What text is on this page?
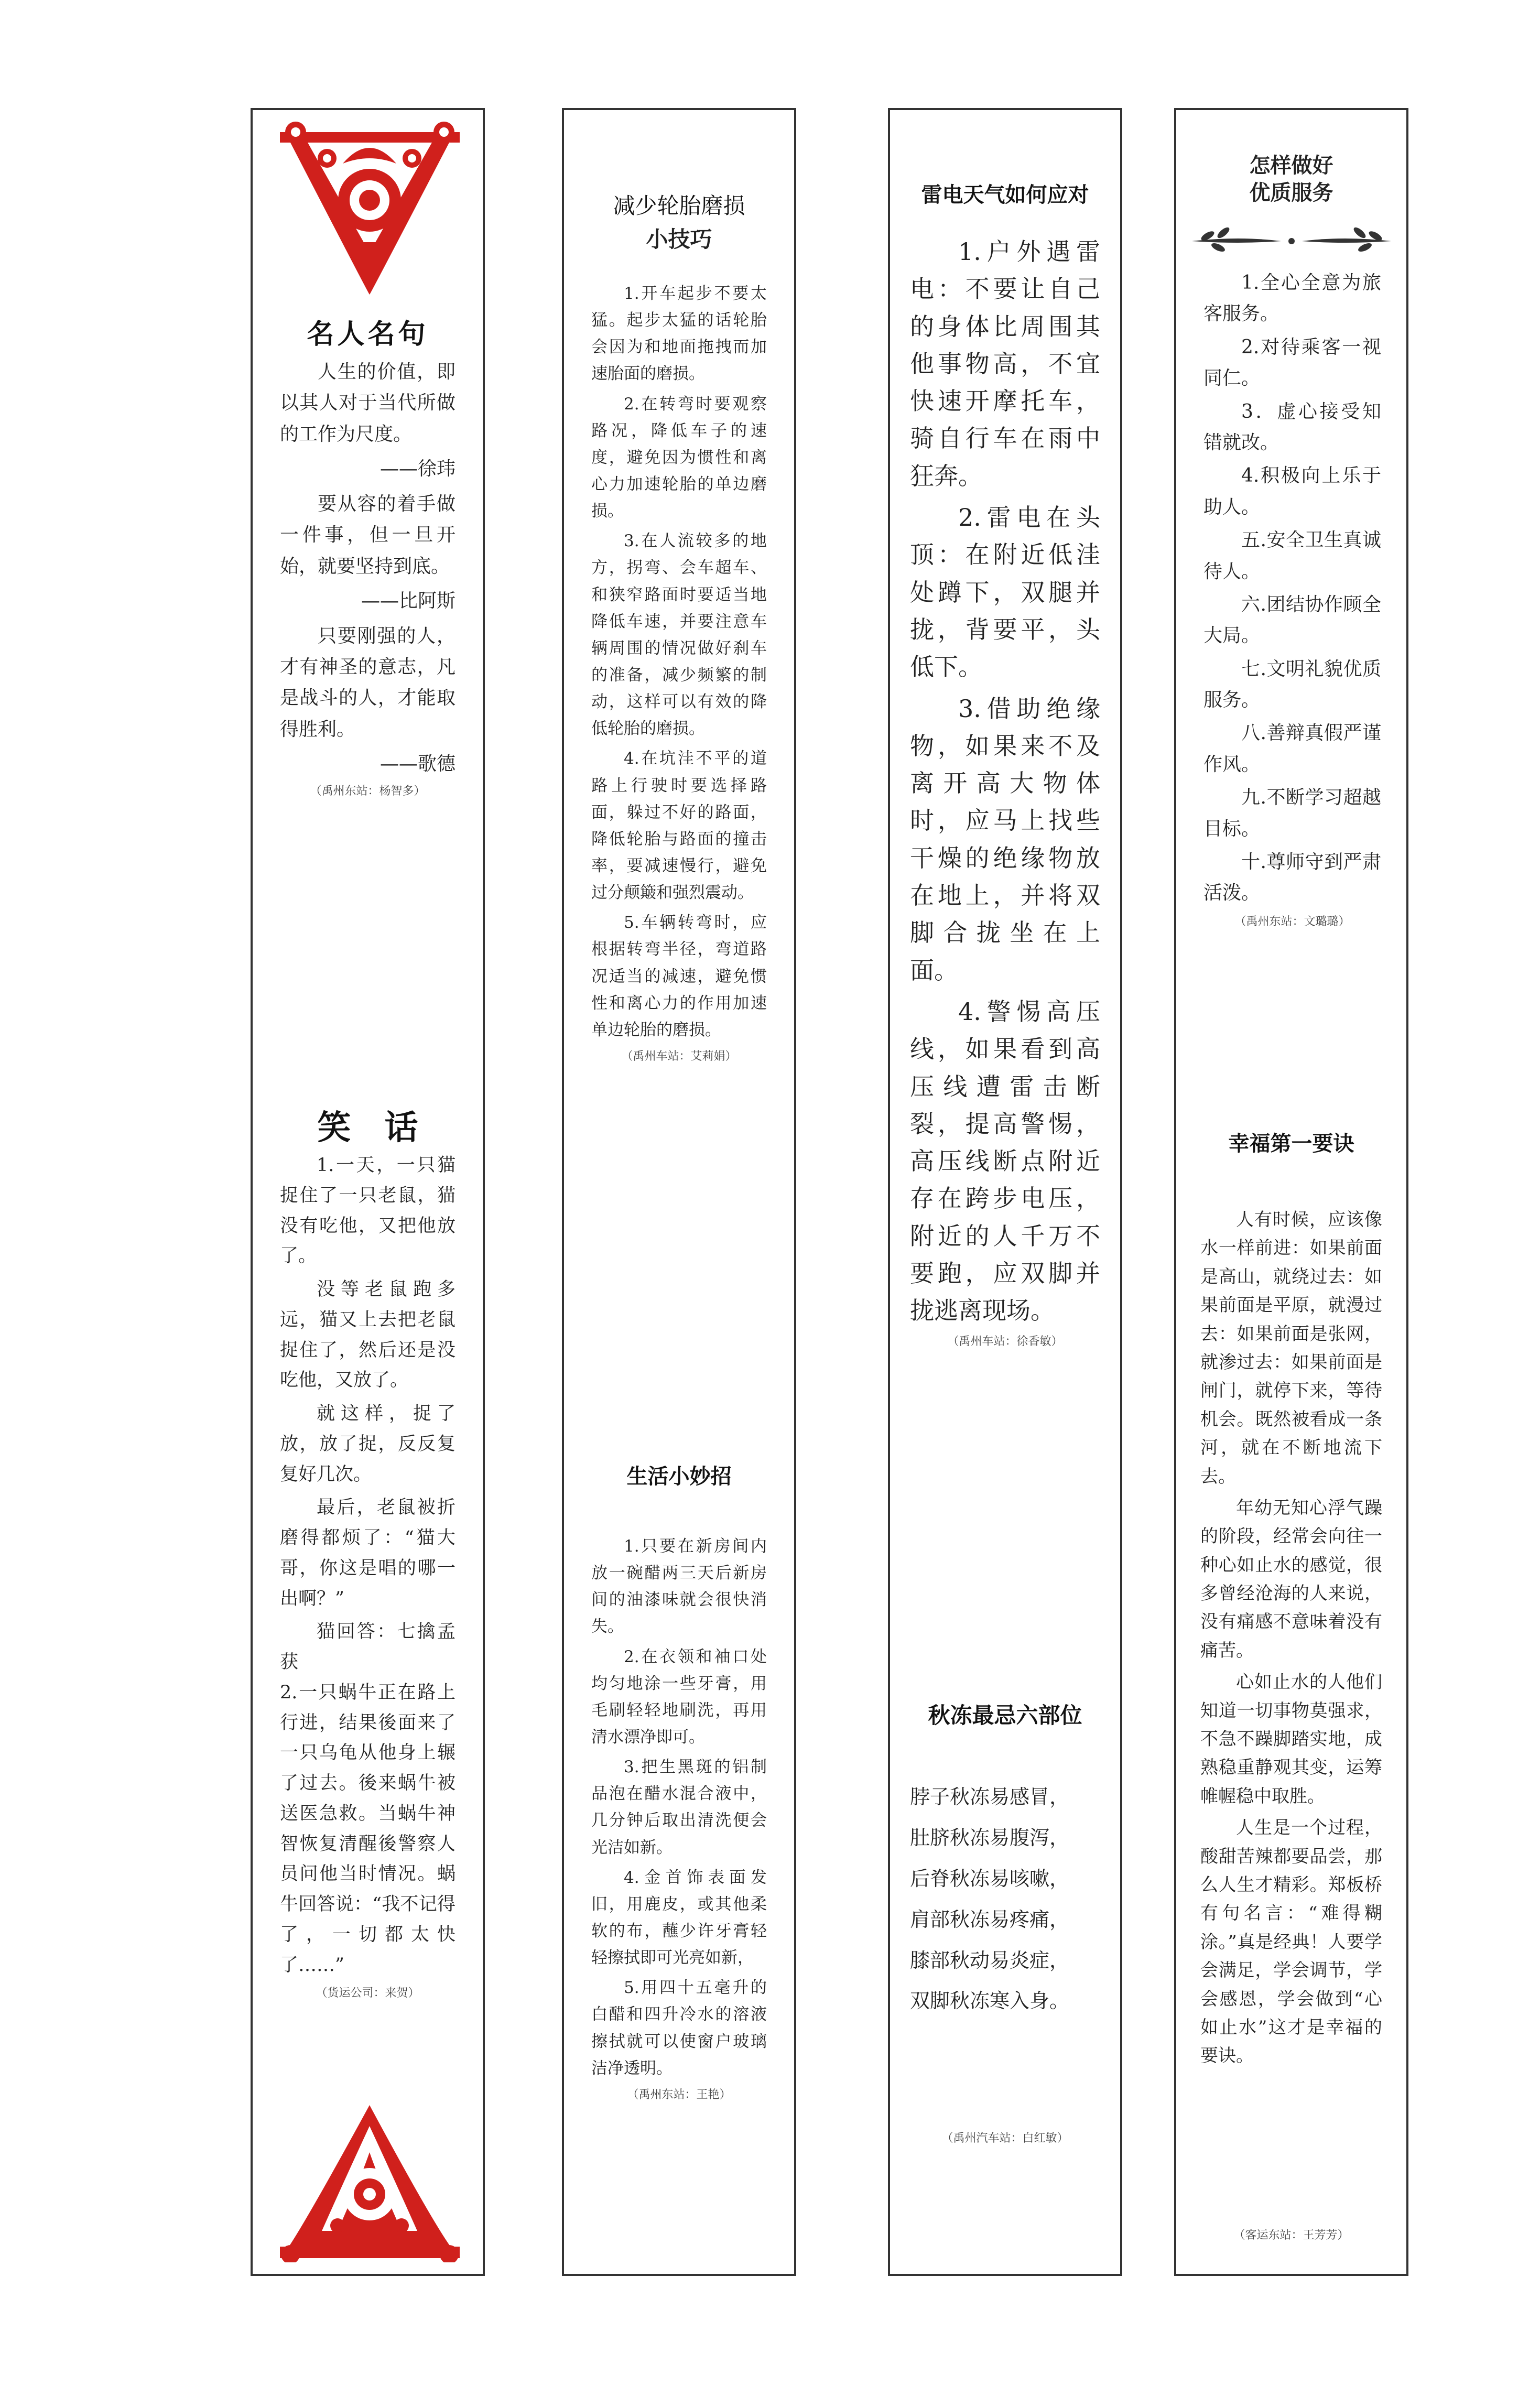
名人名句

人生的价值，即以其人对于当代所做的工作为尺度。

——徐玮

要从容的着手做一件事，但一旦开始，就要坚持到底。

——比阿斯

只要刚强的人，才有神圣的意志，凡是战斗的人，才能取得胜利。

——歌德
（禹州东站：杨智多）
笑　话

1.一天，一只猫捉住了一只老鼠，猫没有吃他，又把他放了。

没等老鼠跑多远，猫又上去把老鼠捉住了，然后还是没吃他，又放了。

就这样，捉了放，放了捉，反反复复好几次。

最后，老鼠被折磨得都烦了：“猫大哥，你这是唱的哪一出啊？”

猫回答：七擒孟获

2.一只蜗牛正在路上行进，结果後面来了一只乌龟从他身上辗了过去。後来蜗牛被送医急救。当蜗牛神智恢复清醒後警察人员问他当时情况。蜗牛回答说：“我不记得了，一切都太快了……”

（货运公司：来贺）
减少轮胎磨损
小技巧

1.开车起步不要太猛。起步太猛的话轮胎会因为和地面拖拽而加速胎面的磨损。

2.在转弯时要观察路况，降低车子的速度，避免因为惯性和离心力加速轮胎的单边磨损。

3.在人流较多的地方，拐弯、会车超车、和狭窄路面时要适当地降低车速，并要注意车辆周围的情况做好刹车的准备，减少频繁的制动，这样可以有效的降低轮胎的磨损。

4.在坑洼不平的道路上行驶时要选择路面，躲过不好的路面，降低轮胎与路面的撞击率，要减速慢行，避免过分颠簸和强烈震动。

5.车辆转弯时，应根据转弯半径，弯道路况适当的减速，避免惯性和离心力的作用加速单边轮胎的磨损。

（禹州车站：艾莉娟）
生活小妙招

1.只要在新房间内放一碗醋两三天后新房间的油漆味就会很快消失。

2.在衣领和袖口处均匀地涂一些牙膏，用毛刷轻轻地刷洗，再用清水漂净即可。

3.把生黑斑的铝制品泡在醋水混合液中，几分钟后取出清洗便会光洁如新。

4.金首饰表面发旧，用鹿皮，或其他柔软的布，蘸少许牙膏轻轻擦拭即可光亮如新，

5.用四十五毫升的白醋和四升冷水的溶液擦拭就可以使窗户玻璃洁净透明。

（禹州东站：王艳）
雷电天气如何应对

1.户外遇雷电：不要让自己的身体比周围其他事物高，不宜快速开摩托车，骑自行车在雨中狂奔。

2.雷电在头顶：在附近低洼处蹲下，双腿并拢，背要平，头低下。

3.借助绝缘物，如果来不及离开高大物体时，应马上找些干燥的绝缘物放在地上，并将双脚合拢坐在上面。

4.警惕高压线，如果看到高压线遭雷击断裂，提高警惕，高压线断点附近存在跨步电压，附近的人千万不要跑，应双脚并拢逃离现场。

（禹州车站：徐香敏）
秋冻最忌六部位
脖子秋冻易感冒，
肚脐秋冻易腹泻，
后脊秋冻易咳嗽，
肩部秋冻易疼痛，
膝部秋动易炎症，
双脚秋冻寒入身。
（禹州汽车站：白红敏）
怎样做好
优质服务

1.全心全意为旅客服务。

2.对待乘客一视同仁。

3．虚心接受知错就改。

4.积极向上乐于助人。

五.安全卫生真诚待人。

六.团结协作顾全大局。

七.文明礼貌优质服务。

八.善辩真假严谨作风。

九.不断学习超越目标。

十.尊师守到严肃活泼。

（禹州东站：文璐璐）
幸福第一要诀

人有时候，应该像水一样前进：如果前面是高山，就绕过去：如果前面是平原，就漫过去：如果前面是张网，就渗过去：如果前面是闸门，就停下来，等待机会。既然被看成一条河，就在不断地流下去。

年幼无知心浮气躁的阶段，经常会向往一种心如止水的感觉，很多曾经沧海的人来说，没有痛感不意味着没有痛苦。

心如止水的人他们知道一切事物莫强求，不急不躁脚踏实地，成熟稳重静观其变，运筹帷幄稳中取胜。

人生是一个过程，酸甜苦辣都要品尝，那么人生才精彩。郑板桥有句名言：“难得糊涂。”真是经典！人要学会满足，学会调节，学会感恩，学会做到“心如止水”这才是幸福的要诀。

（客运东站：王芳芳）
